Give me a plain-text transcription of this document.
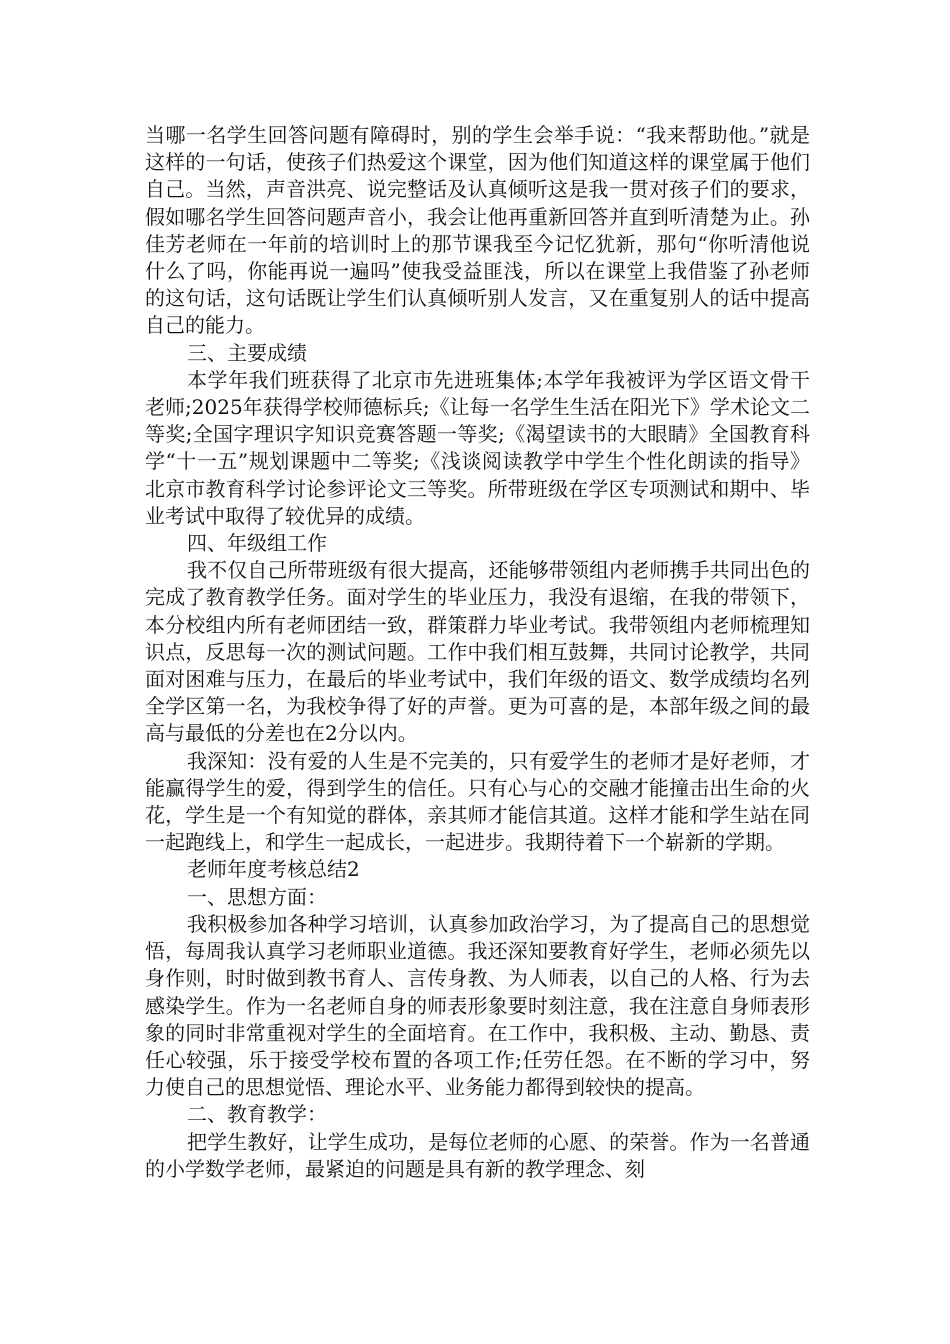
当哪一名学生回答问题有障碍时，别的学生会举手说：“我来帮助他。”就是这样的一句话，使孩子们热爱这个课堂，因为他们知道这样的课堂属于他们自己。当然，声音洪亮、说完整话及认真倾听这是我一贯对孩子们的要求，假如哪名学生回答问题声音小，我会让他再重新回答并直到听清楚为止。孙佳芳老师在一年前的培训时上的那节课我至今记忆犹新，那句“你听清他说什么了吗，你能再说一遍吗”使我受益匪浅，所以在课堂上我借鉴了孙老师的这句话，这句话既让学生们认真倾听别人发言，又在重复别人的话中提高自己的能力。

三、主要成绩

本学年我们班获得了北京市先进班集体;本学年我被评为学区语文骨干老师;2025年获得学校师德标兵;《让每一名学生生活在阳光下》学术论文二等奖;全国字理识字知识竞赛答题一等奖;《渴望读书的大眼睛》全国教育科学“十一五”规划课题中二等奖;《浅谈阅读教学中学生个性化朗读的指导》北京市教育科学讨论参评论文三等奖。所带班级在学区专项测试和期中、毕业考试中取得了较优异的成绩。

四、年级组工作

我不仅自己所带班级有很大提高，还能够带领组内老师携手共同出色的完成了教育教学任务。面对学生的毕业压力，我没有退缩，在我的带领下，本分校组内所有老师团结一致，群策群力毕业考试。我带领组内老师梳理知识点，反思每一次的测试问题。工作中我们相互鼓舞，共同讨论教学，共同面对困难与压力，在最后的毕业考试中，我们年级的语文、数学成绩均名列全学区第一名，为我校争得了好的声誉。更为可喜的是，本部年级之间的最高与最低的分差也在2分以内。

我深知：没有爱的人生是不完美的，只有爱学生的老师才是好老师，才能赢得学生的爱，得到学生的信任。只有心与心的交融才能撞击出生命的火花，学生是一个有知觉的群体，亲其师才能信其道。这样才能和学生站在同一起跑线上，和学生一起成长，一起进步。我期待着下一个崭新的学期。

老师年度考核总结2

一、思想方面：

我积极参加各种学习培训，认真参加政治学习，为了提高自己的思想觉悟，每周我认真学习老师职业道德。我还深知要教育好学生，老师必须先以身作则，时时做到教书育人、言传身教、为人师表，以自己的人格、行为去感染学生。作为一名老师自身的师表形象要时刻注意，我在注意自身师表形象的同时非常重视对学生的全面培育。在工作中，我积极、主动、勤恳、责任心较强，乐于接受学校布置的各项工作;任劳任怨。在不断的学习中，努力使自己的思想觉悟、理论水平、业务能力都得到较快的提高。

二、教育教学：

把学生教好，让学生成功，是每位老师的心愿、的荣誉。作为一名普通的小学数学老师，最紧迫的问题是具有新的教学理念、刻
